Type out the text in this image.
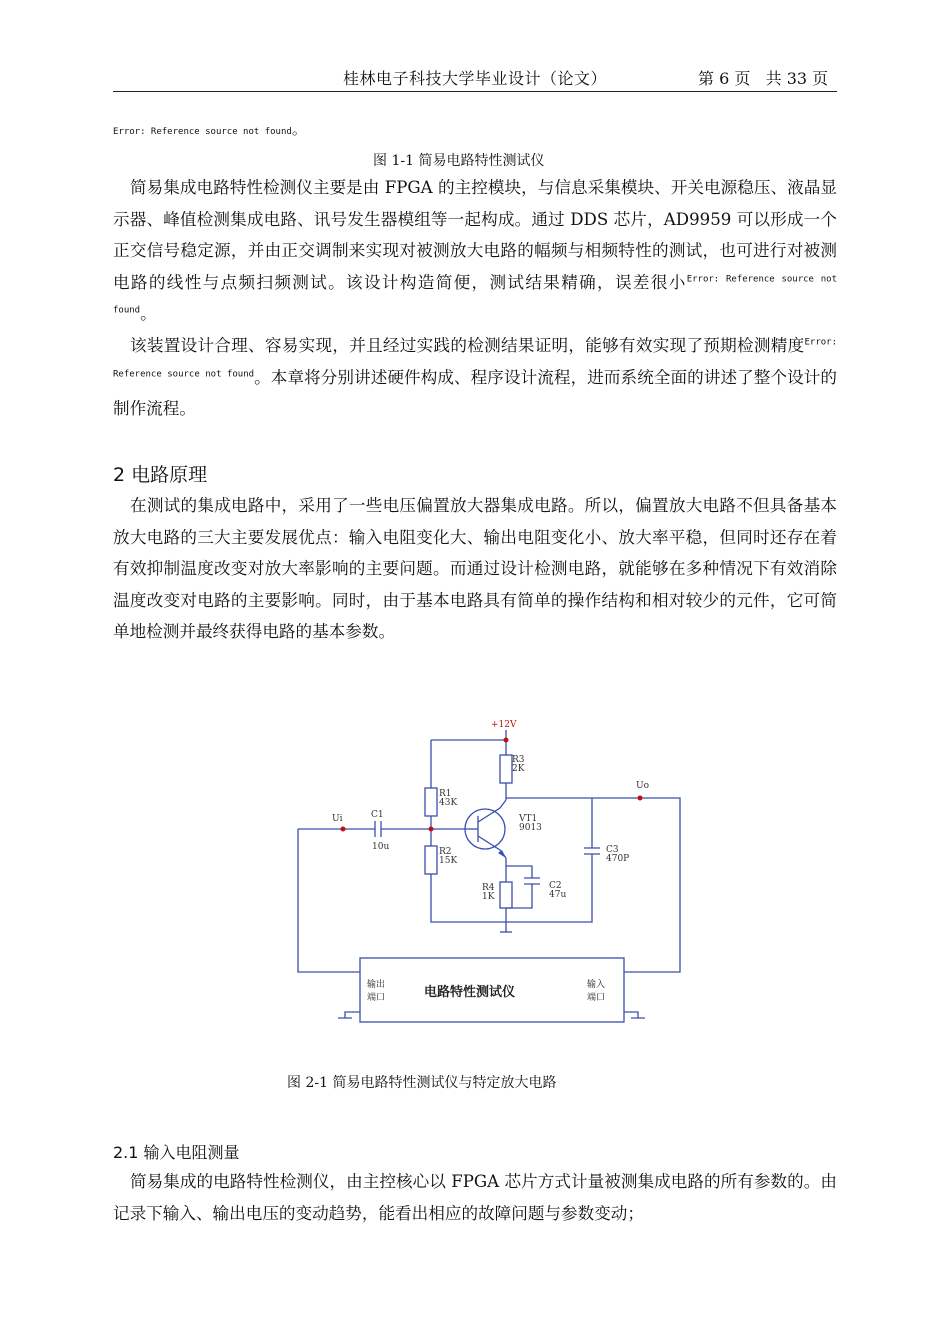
桂林电子科技大学毕业设计（论文）	第 6 页   共 33 页
Error: Reference source not found。
图 1-1 简易电路特性测试仪

简易集成电路特性检测仪主要是由 FPGA 的主控模块，与信息采集模块、开关电源稳压、液晶显示器、峰值检测集成电路、讯号发生器模组等一起构成。通过 DDS 芯片，AD9959 可以形成一个正交信号稳定源，并由正交调制来实现对被测放大电路的幅频与相频特性的测试，也可进行对被测电路的线性与点频扫频测试。该设计构造简便，测试结果精确，误差很小$^{Error: Reference source not found}$。

该装置设计合理、容易实现，并且经过实践的检测结果证明，能够有效实现了预期检测精度$^{Error: Reference source not found}$。本章将分别讲述硬件构成、程序设计流程，进而系统全面的讲述了整个设计的制作流程。

2 电路原理

在测试的集成电路中，采用了一些电压偏置放大器集成电路。所以，偏置放大电路不但具备基本放大电路的三大主要发展优点：输入电阻变化大、输出电阻变化小、放大率平稳，但同时还存在着有效抑制温度改变对放大率影响的主要问题。而通过设计检测电路，就能够在多种情况下有效消除温度改变对电路的主要影响。同时，由于基本电路具有简单的操作结构和相对较少的元件，它可简单地检测并最终获得电路的基本参数。

+12V
R3
2K
R1
43K
R2
15K
R4
1K
C1
10u
C2
47u
C3
470P
VT1
9013
Ui
Uo
电路特性测试仪
输出
端口
输入
端口
图 2-1 简易电路特性测试仪与特定放大电路
2.1 输入电阻测量

简易集成的电路特性检测仪，由主控核心以 FPGA 芯片方式计量被测集成电路的所有参数的。由记录下输入、输出电压的变动趋势，能看出相应的故障问题与参数变动；
